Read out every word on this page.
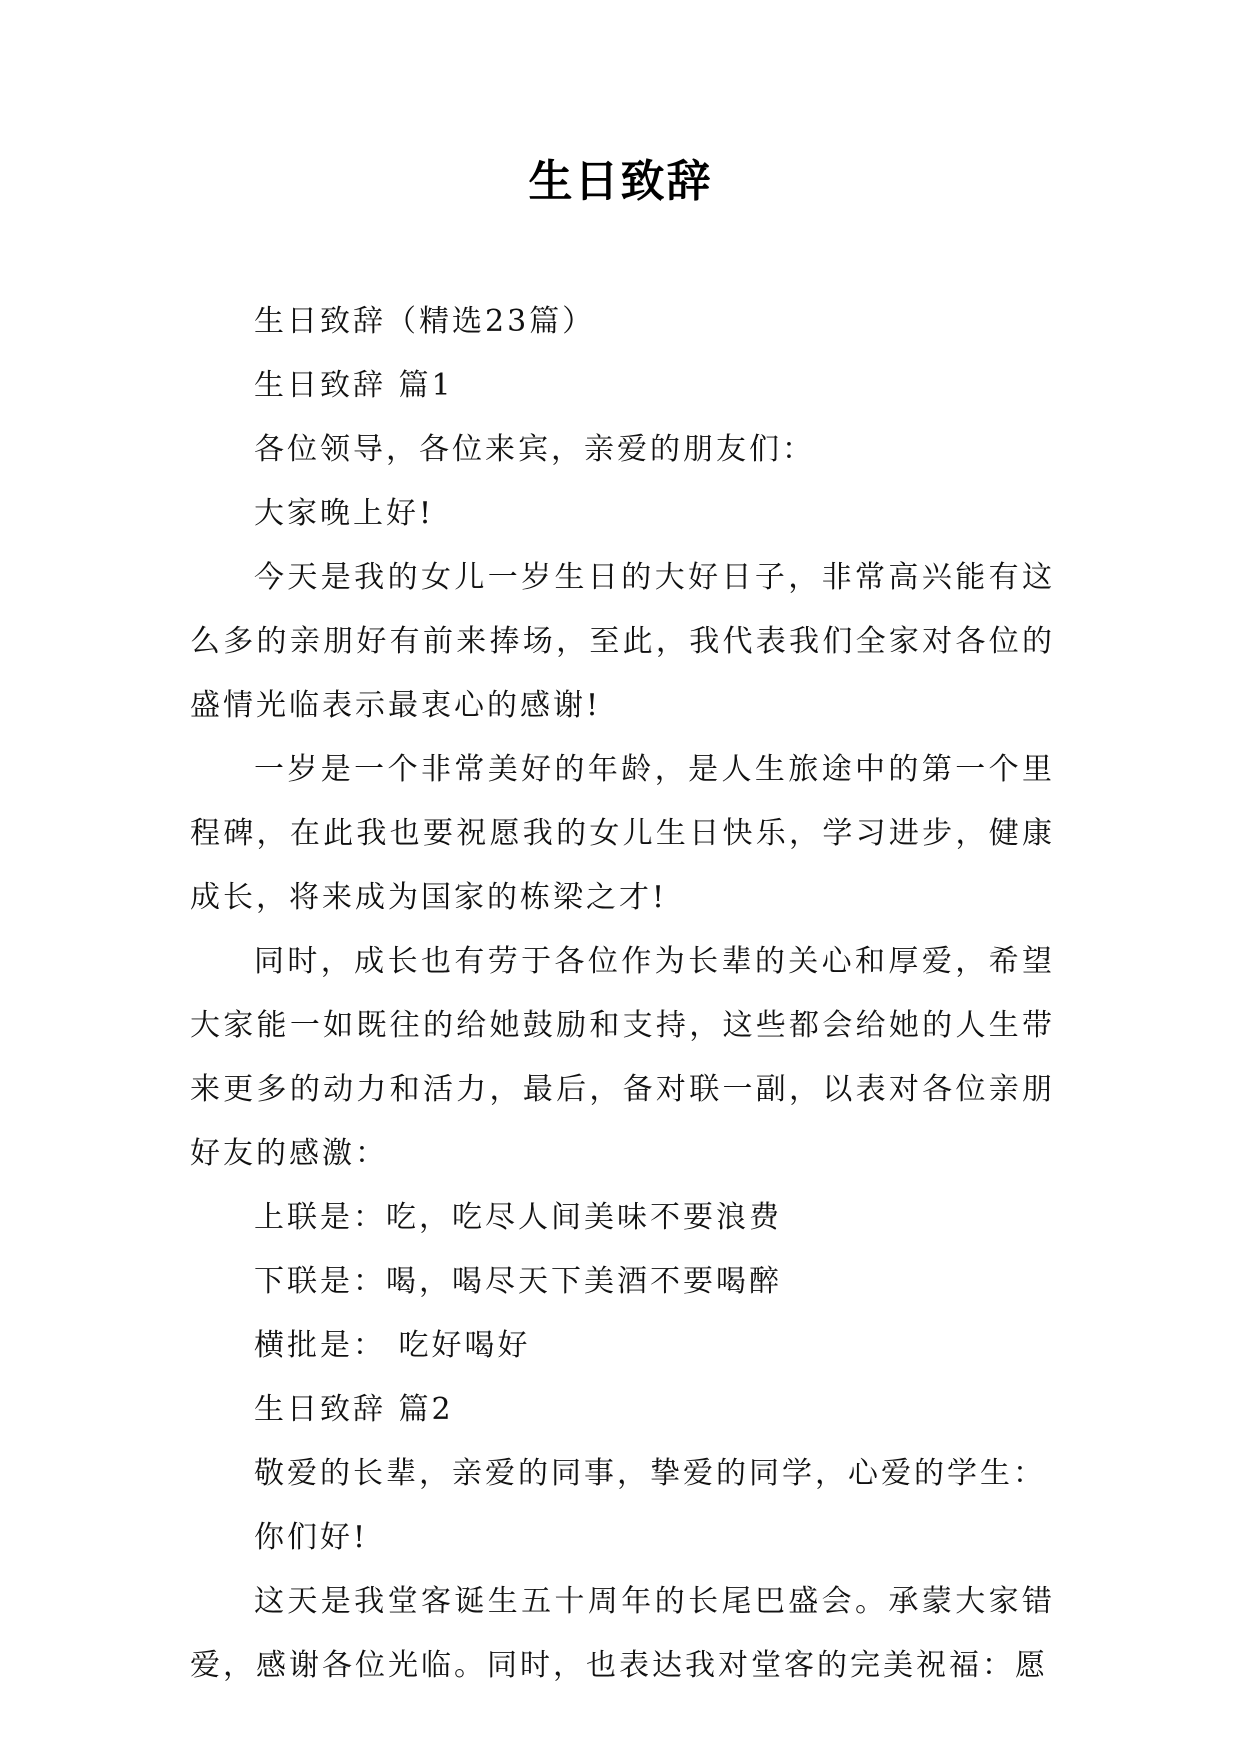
生日致辞

生日致辞（精选23篇）

生日致辞 篇1

各位领导，各位来宾，亲爱的朋友们：

大家晚上好!

今天是我的女儿一岁生日的大好日子，非常高兴能有这么多的亲朋好有前来捧场，至此，我代表我们全家对各位的盛情光临表示最衷心的感谢!

一岁是一个非常美好的年龄，是人生旅途中的第一个里程碑，在此我也要祝愿我的女儿生日快乐，学习进步，健康成长，将来成为国家的栋梁之才!

同时，成长也有劳于各位作为长辈的关心和厚爱，希望大家能一如既往的给她鼓励和支持，这些都会给她的人生带来更多的动力和活力，最后，备对联一副，以表对各位亲朋好友的感激：

上联是：吃，吃尽人间美味不要浪费

下联是：喝，喝尽天下美酒不要喝醉

横批是： 吃好喝好

生日致辞 篇2

敬爱的长辈，亲爱的同事，挚爱的同学，心爱的学生：

你们好!

这天是我堂客诞生五十周年的长尾巴盛会。承蒙大家错爱，感谢各位光临。同时，也表达我对堂客的完美祝福：愿
